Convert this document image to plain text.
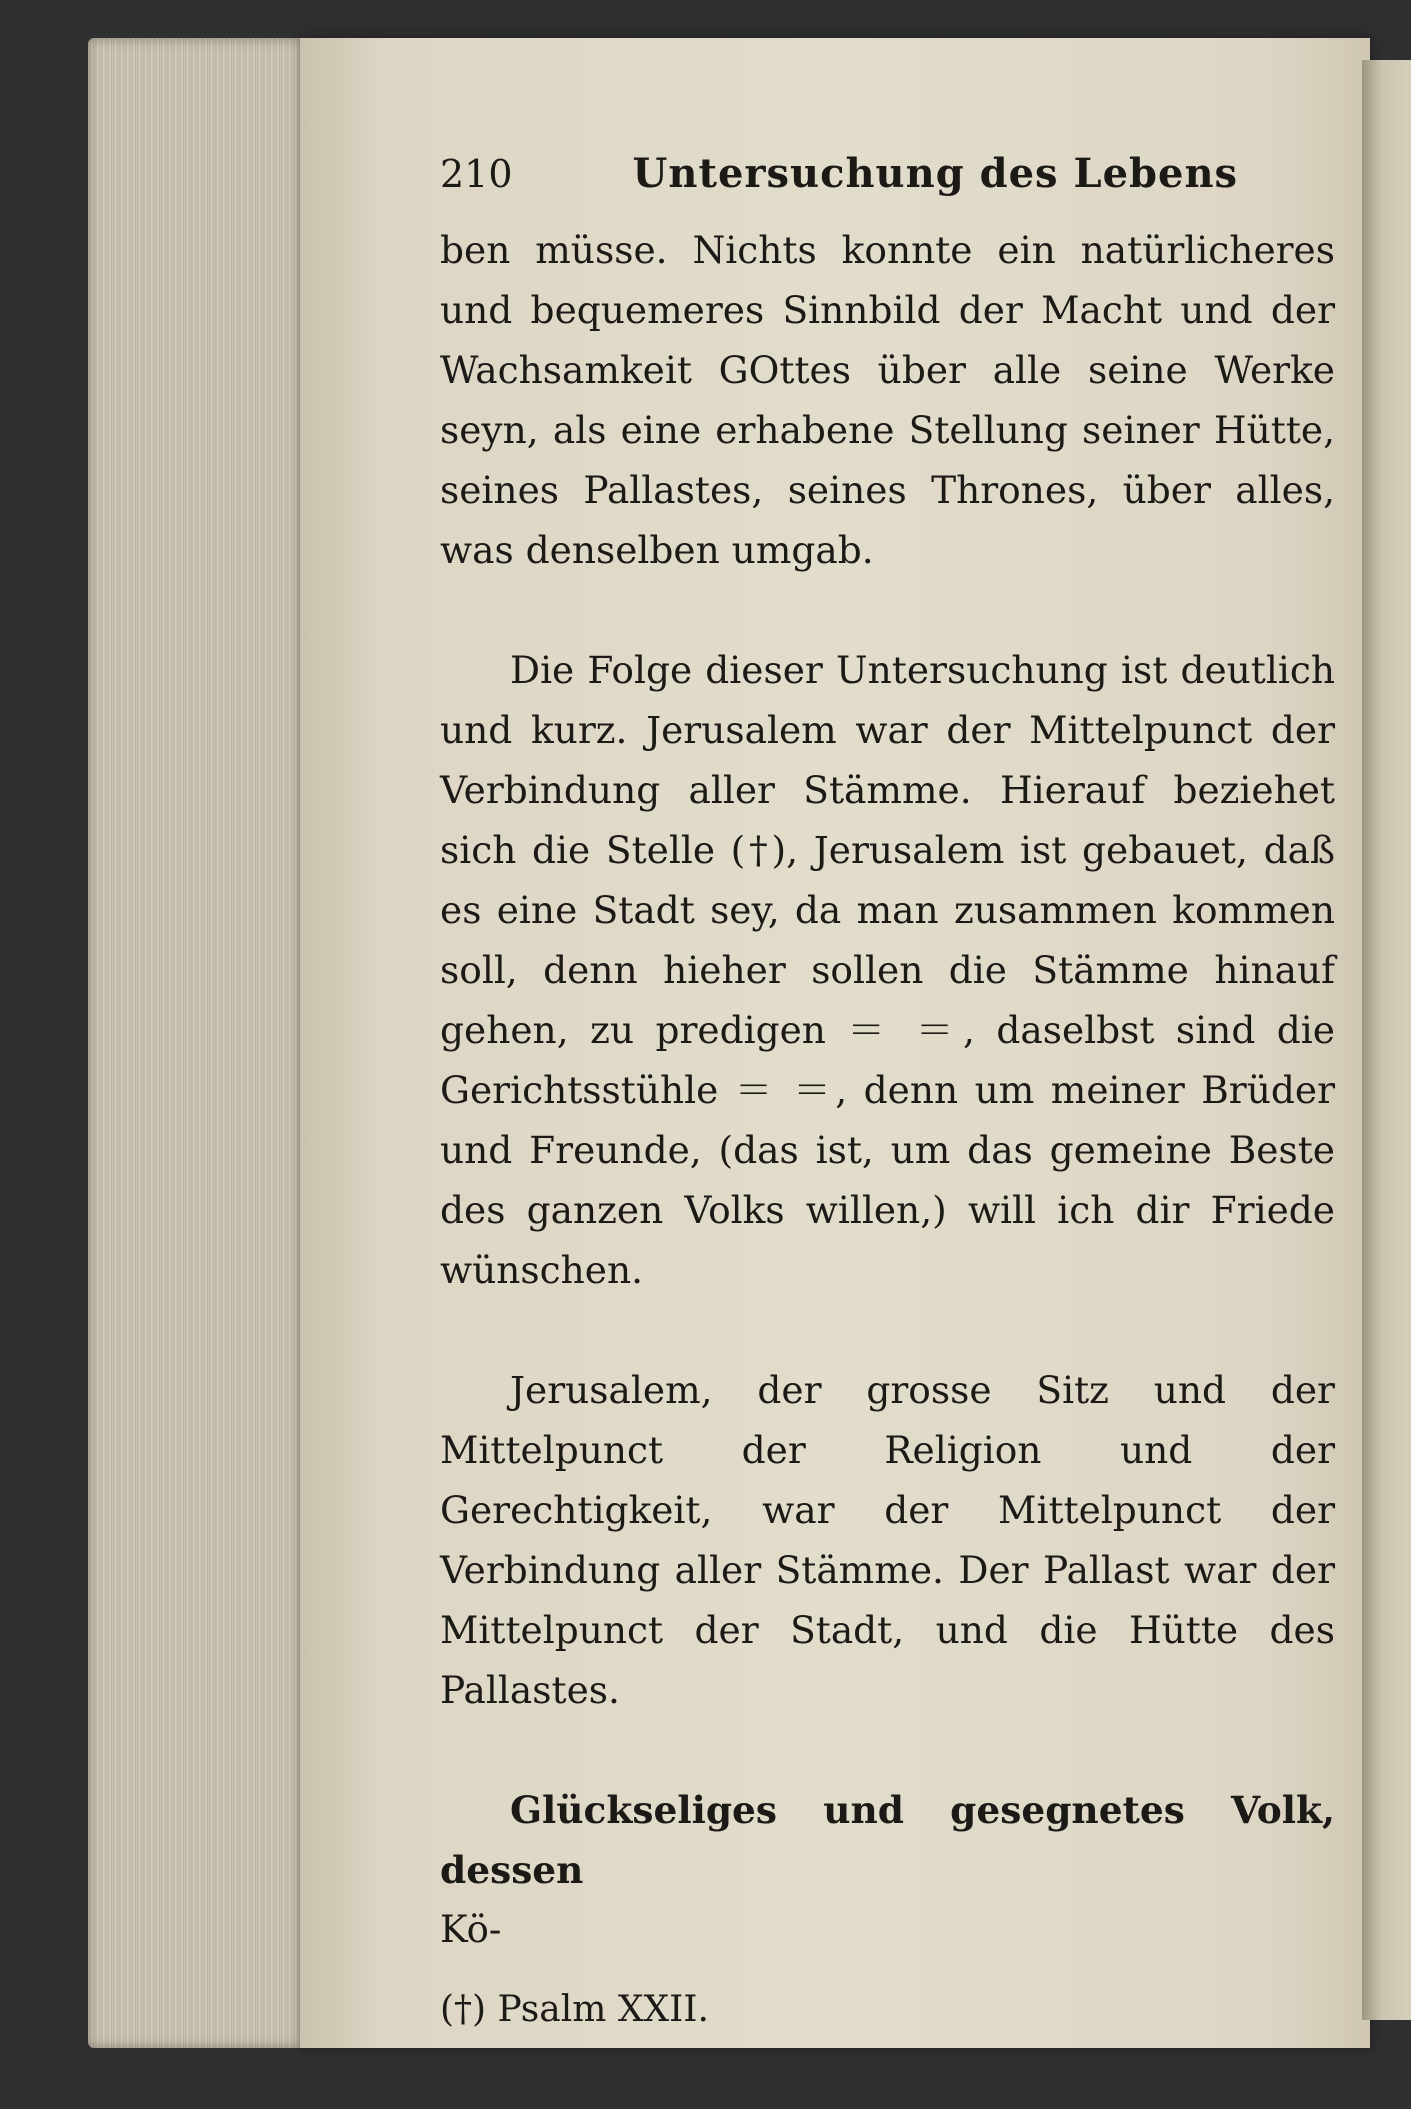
210	Untersuchung des Lebens

ben müsse. Nichts konnte ein natürlicheres und bequemeres Sinnbild der Macht und der Wachsamkeit GOttes über alle seine Werke seyn, als eine erhabene Stellung seiner Hütte, seines Pallastes, seines Thrones, über alles, was denselben umgab.

Die Folge dieser Untersuchung ist deutlich und kurz. Jerusalem war der Mittelpunct der Verbindung aller Stämme. Hierauf beziehet sich die Stelle (†), Jerusalem ist gebauet, daß es eine Stadt sey, da man zusammen kommen soll, denn hieher sollen die Stämme hinauf gehen, zu predigen ＝ ＝, daselbst sind die Gerichtsstühle ＝ ＝, denn um meiner Brüder und Freunde, (das ist, um das gemeine Beste des ganzen Volks willen,) will ich dir Friede wünschen.

Jerusalem, der grosse Sitz und der Mittelpunct der Religion und der Gerechtigkeit, war der Mittelpunct der Verbindung aller Stämme. Der Pallast war der Mittelpunct der Stadt, und die Hütte des Pallastes.

Glückseliges und gesegnetes Volk, dessen

Kö-

(†) Psalm XXII.
